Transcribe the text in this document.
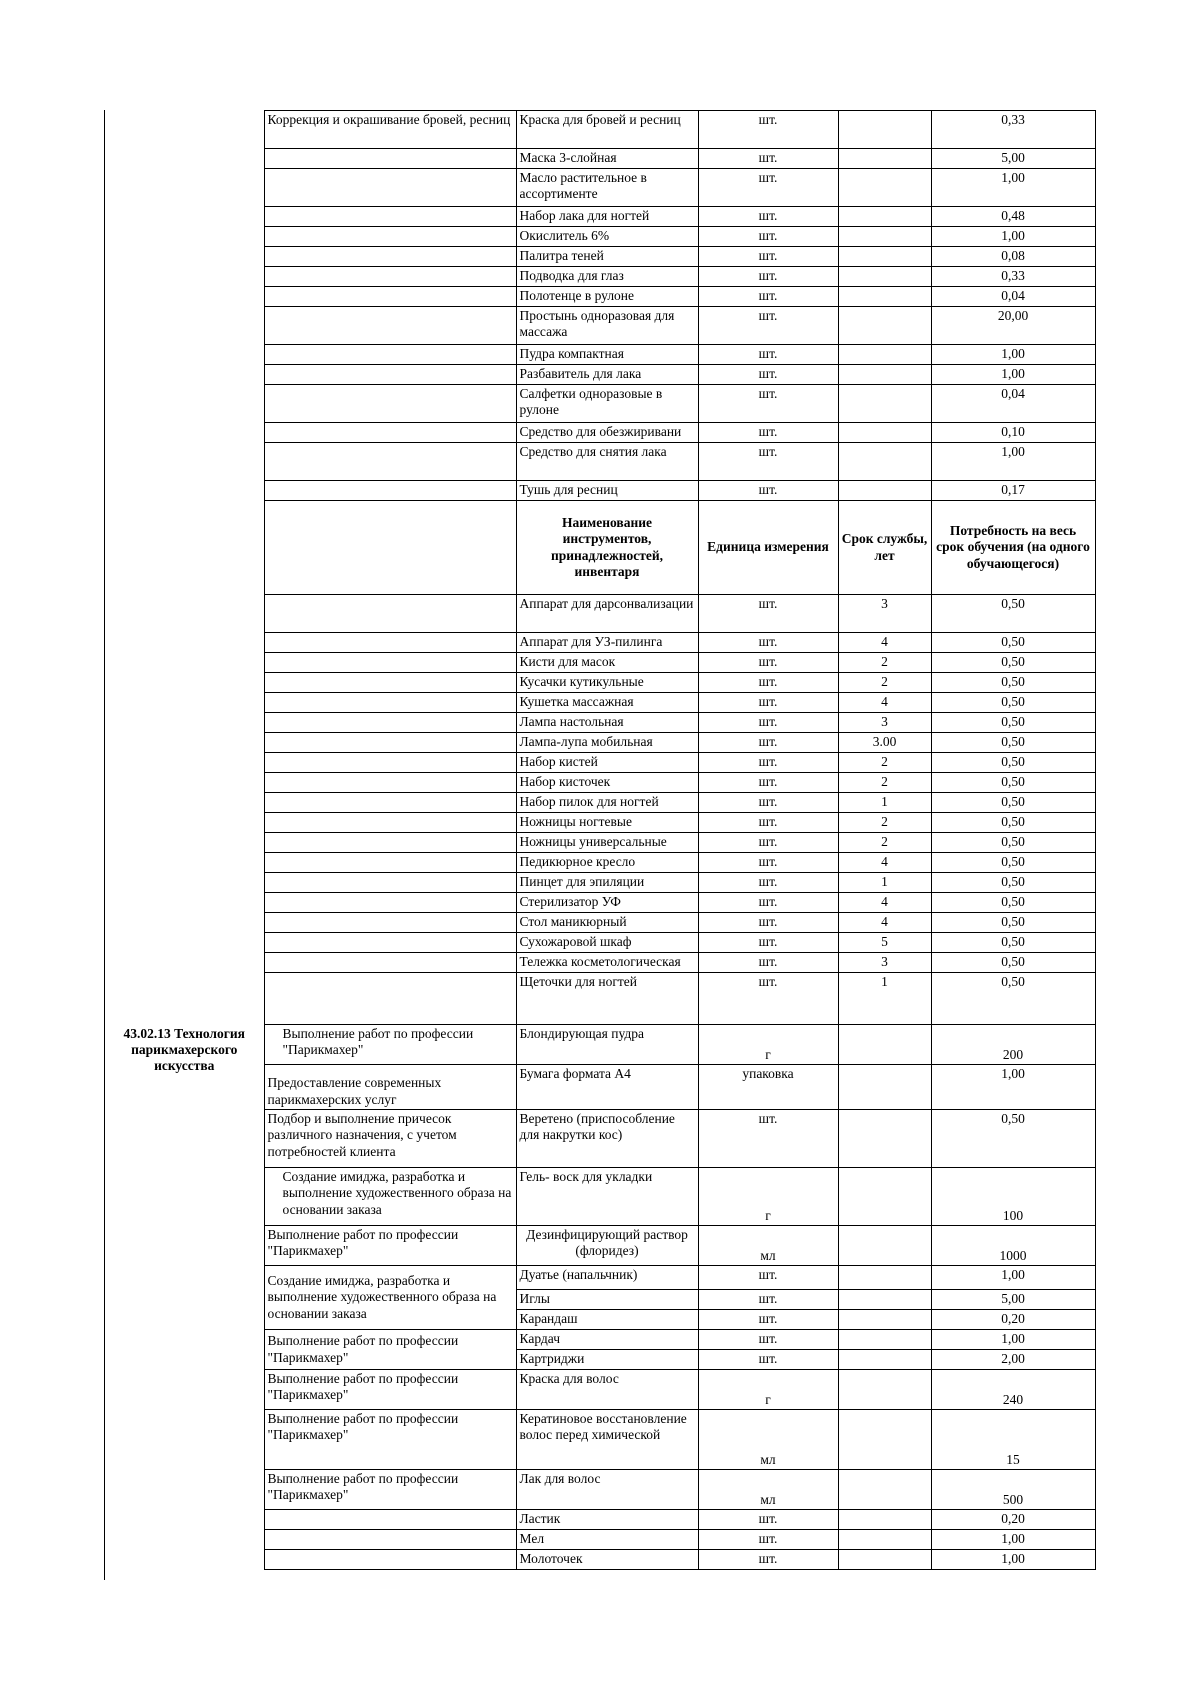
	Коррекция и окрашивание бровей, ресниц	Краска для бровей и ресниц	шт.		0,33
		Маска 3-слойная	шт.		5,00
		Масло растительное в ассортименте	шт.		1,00
		Набор лака для ногтей	шт.		0,48
		Окислитель 6%	шт.		1,00
		Палитра теней	шт.		0,08
		Подводка для глаз	шт.		0,33
		Полотенце в рулоне	шт.		0,04
		Простынь одноразовая для массажа	шт.		20,00
		Пудра компактная	шт.		1,00
		Разбавитель для лака	шт.		1,00
		Салфетки одноразовые в рулоне	шт.		0,04
		Средство для обезжиривани	шт.		0,10
		Средство для снятия лака	шт.		1,00
		Тушь для ресниц	шт.		0,17
		Наименование инструментов, принадлежностей, инвентаря	Единица измерения	Срок службы, лет	Потребность на весь срок обучения (на одного обучающегося)
		Аппарат для дарсонвализации	шт.	3	0,50
		Аппарат для УЗ-пилинга	шт.	4	0,50
		Кисти для масок	шт.	2	0,50
		Кусачки кутикульные	шт.	2	0,50
		Кушетка массажная	шт.	4	0,50
		Лампа настольная	шт.	3	0,50
		Лампа-лупа мобильная	шт.	3.00	0,50
		Набор кистей	шт.	2	0,50
		Набор кисточек	шт.	2	0,50
		Набор пилок для ногтей	шт.	1	0,50
		Ножницы ногтевые	шт.	2	0,50
		Ножницы универсальные	шт.	2	0,50
		Педикюрное кресло	шт.	4	0,50
		Пинцет для эпиляции	шт.	1	0,50
		Стерилизатор УФ	шт.	4	0,50
		Стол маникюрный	шт.	4	0,50
		Сухожаровой шкаф	шт.	5	0,50
		Тележка косметологическая	шт.	3	0,50
		Щеточки для ногтей	шт.	1	0,50
43.02.13 Технология парикмахерского искусства	Выполнение работ по профессии "Парикмахер"	Блондирующая пудра	г		200
	Предоставление современных парикмахерских услуг	Бумага формата А4	упаковка		1,00
	Подбор и выполнение причесок различного назначения, с учетом потребностей клиента	Веретено (приспособление для накрутки кос)	шт.		0,50
	Создание имиджа, разработка и выполнение художественного образа на основании заказа	Гель- воск для укладки	г		100
	Выполнение работ по профессии "Парикмахер"	Дезинфицирующий раствор (флоридез)	мл		1000
	Создание имиджа, разработка и выполнение художественного образа на основании заказа	Дуатье (напальчник)	шт.		1,00
		Иглы	шт.		5,00
		Карандаш	шт.		0,20
	Выполнение работ по профессии "Парикмахер"	Кардач	шт.		1,00
		Картриджи	шт.		2,00
	Выполнение работ по профессии "Парикмахер"	Краска для волос	г		240
	Выполнение работ по профессии "Парикмахер"	Кератиновое восстановление волос перед химической	мл		15
	Выполнение работ по профессии "Парикмахер"	Лак для волос	мл		500
		Ластик	шт.		0,20
		Мел	шт.		1,00
		Молоточек	шт.		1,00
